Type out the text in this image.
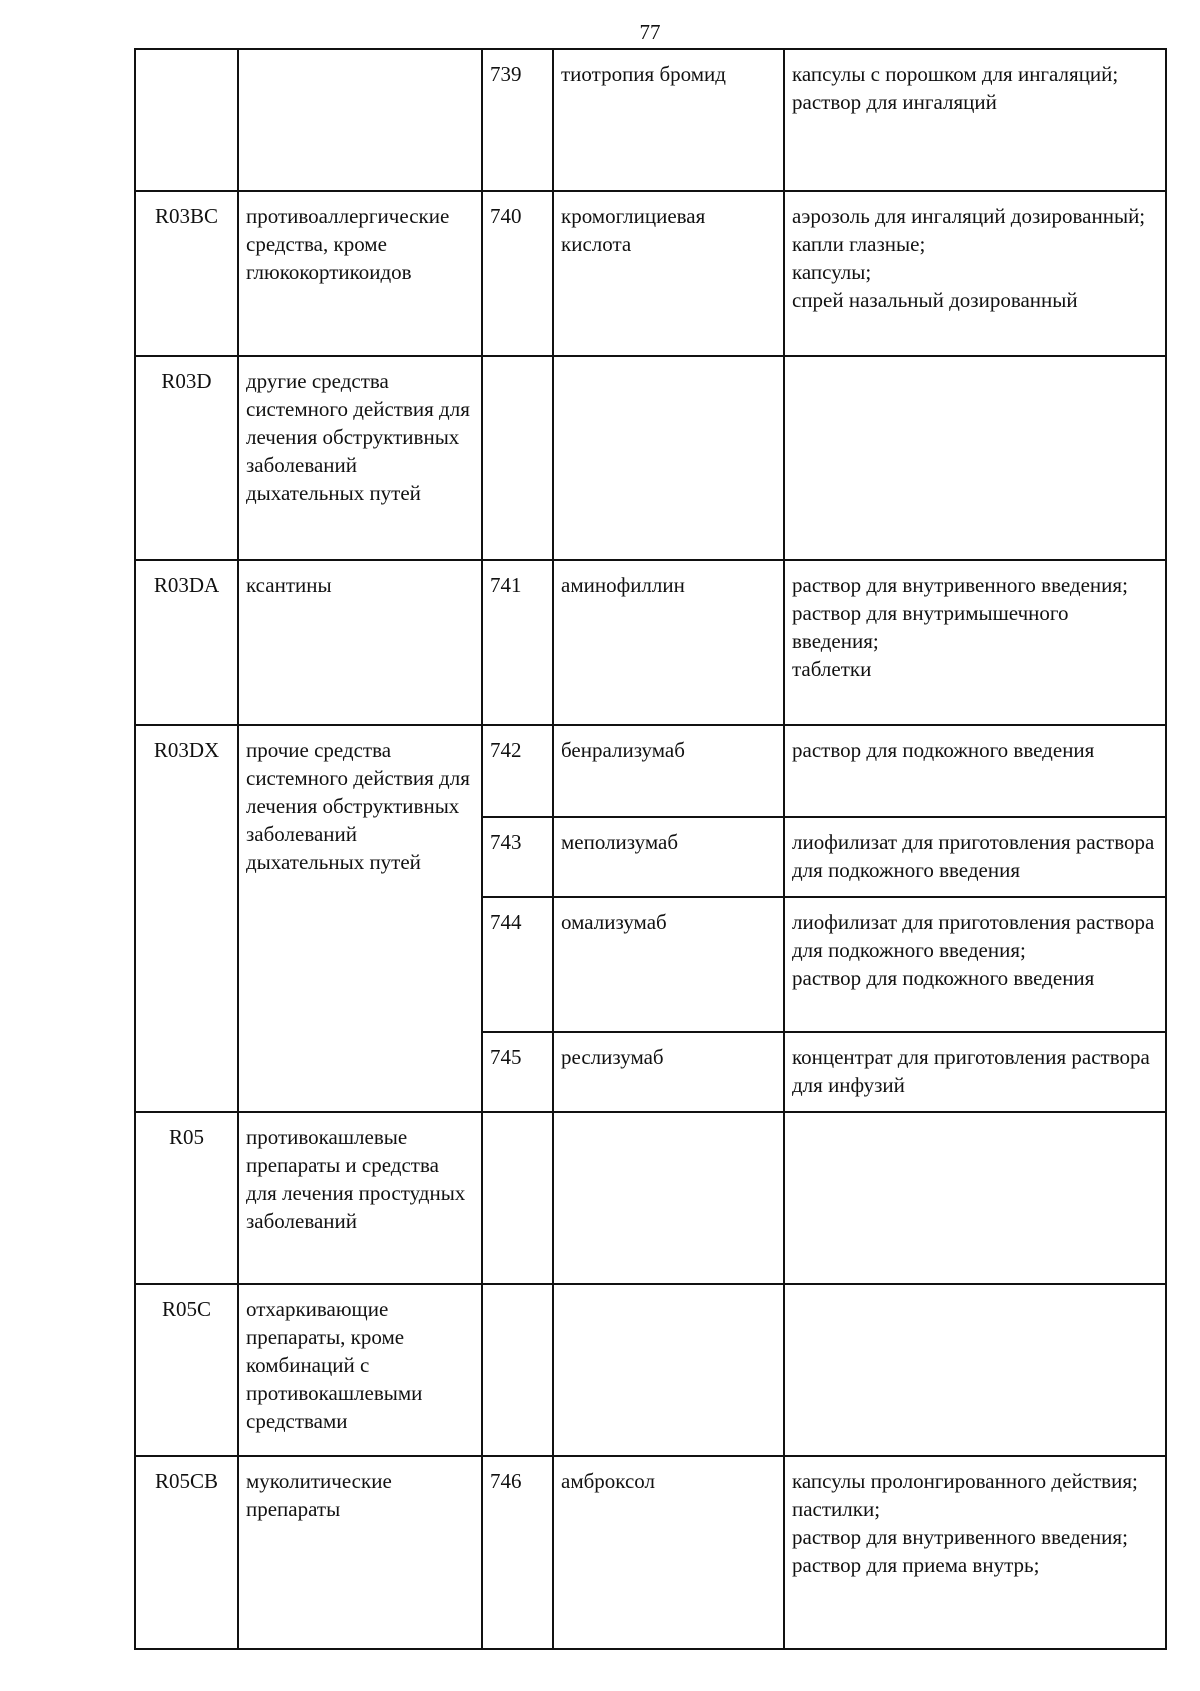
77
		739	тиотропия бромид	капсулы с порошком для ингаляций;
раствор для ингаляций

R03BC	противоаллергические средства, кроме глюкокортикоидов	740	кромоглициевая кислота	аэрозоль для ингаляций дозированный;
капли глазные;
капсулы;
спрей назальный дозированный

R03D	другие средства системного действия для лечения обструктивных заболеваний дыхательных путей			
R03DA	ксантины	741	аминофиллин	раствор для внутривенного введения;
раствор для внутримышечного введения;
таблетки

R03DX	прочие средства системного действия для лечения обструктивных заболеваний дыхательных путей	742	бенрализумаб	раствор для подкожного введения

		743	меполизумаб	лиофилизат для приготовления раствора для подкожного введения

		744	омализумаб	лиофилизат для приготовления раствора для подкожного введения;
раствор для подкожного введения

		745	реслизумаб	концентрат для приготовления раствора для инфузий

R05	противокашлевые препараты и средства для лечения простудных заболеваний			
R05C	отхаркивающие препараты, кроме комбинаций с противокашлевыми средствами			
R05CB	муколитические препараты	746	амброксол	капсулы пролонгированного действия;
пастилки;
раствор для внутривенного введения;
раствор для приема внутрь;
